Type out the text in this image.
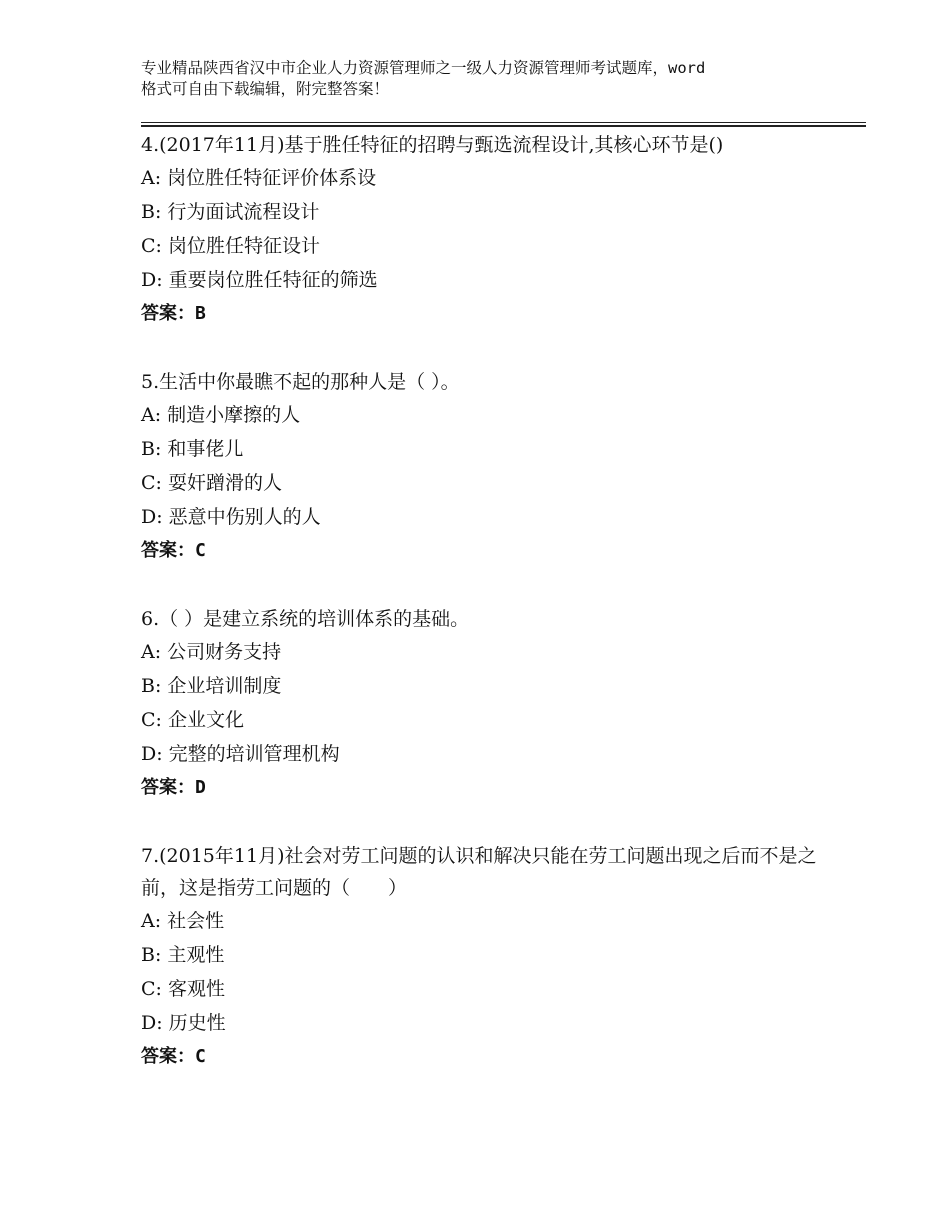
专业精品陕西省汉中市企业人力资源管理师之一级人力资源管理师考试题库，word
格式可自由下载编辑，附完整答案！
4.(2017年11月)基于胜任特征的招聘与甄选流程设计,其核心环节是()
A: 岗位胜任特征评价体系设
B: 行为面试流程设计
C: 岗位胜任特征设计
D: 重要岗位胜任特征的筛选
答案：B
5.生活中你最瞧不起的那种人是（ ）。
A: 制造小摩擦的人
B: 和事佬儿
C: 耍奸蹭滑的人
D: 恶意中伤别人的人
答案：C
6.（ ）是建立系统的培训体系的基础。
A: 公司财务支持
B: 企业培训制度
C: 企业文化
D: 完整的培训管理机构
答案：D
7.(2015年11月)社会对劳工问题的认识和解决只能在劳工问题出现之后而不是之前，这是指劳工问题的（　　）
A: 社会性
B: 主观性
C: 客观性
D: 历史性
答案：C
